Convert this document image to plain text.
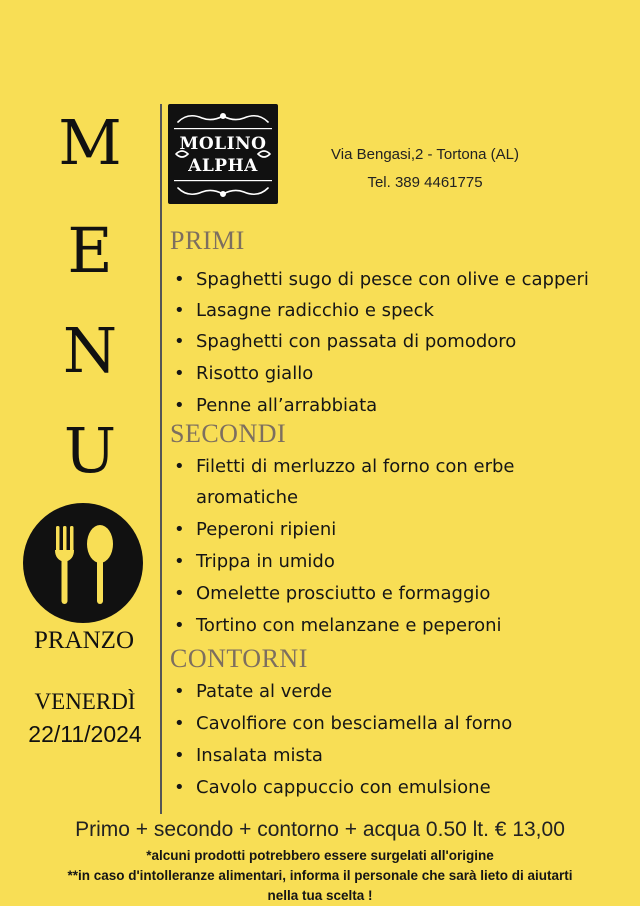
M
E
N
U
PRANZO
VENERDÌ
22/11/2024
MOLINO
ALPHA
Via Bengasi,2 - Tortona (AL)
Tel. 389 4461775
PRIMI
• Spaghetti sugo di pesce con olive e capperi
• Lasagne radicchio e speck
• Spaghetti con passata di pomodoro
• Risotto giallo
• Penne all’arrabbiata
SECONDI
• Filetti di merluzzo al forno con erbe
aromatiche
• Peperoni ripieni
• Trippa in umido
• Omelette prosciutto e formaggio
• Tortino con melanzane e peperoni
CONTORNI
• Patate al verde
• Cavolfiore con besciamella al forno
• Insalata mista
• Cavolo cappuccio con emulsione
Primo + secondo + contorno + acqua 0.50 lt. € 13,00
*alcuni prodotti potrebbero essere surgelati all'origine
**in caso d'intolleranze alimentari, informa il personale che sarà lieto di aiutarti
nella tua scelta !
